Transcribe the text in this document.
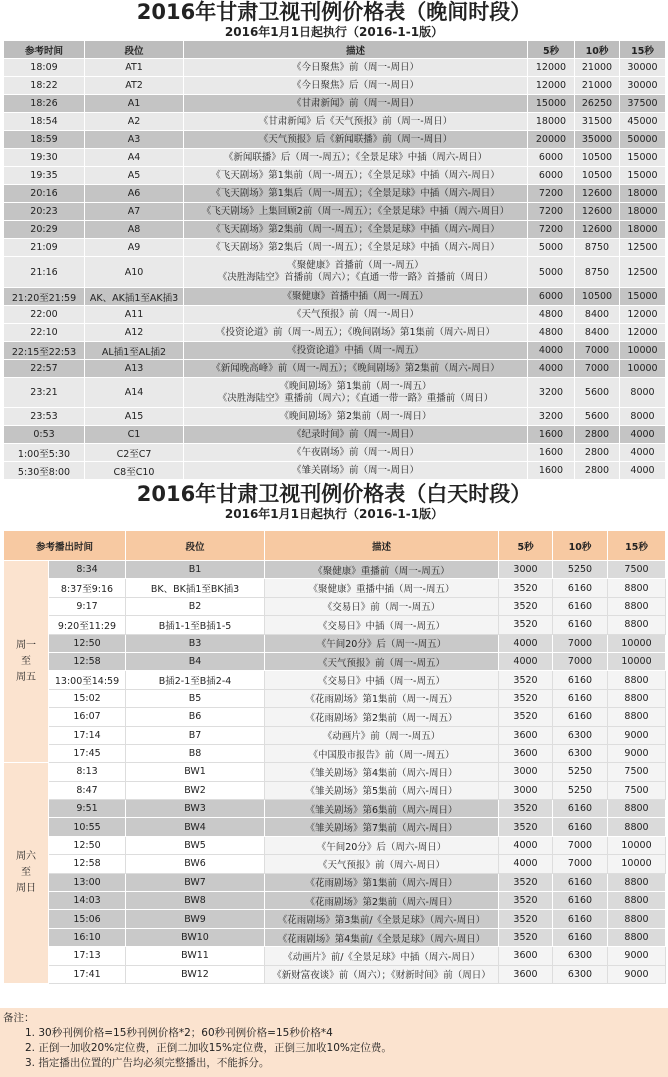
2016年甘肃卫视刊例价格表（晚间时段）

2016年1月1日起执行（2016-1-1版）

参考时间	段位	描述	5秒	10秒	15秒
18:09	AT1	《今日聚焦》前（周一-周日）	12000	21000	30000
18:22	AT2	《今日聚焦》后（周一-周日）	12000	21000	30000
18:26	A1	《甘肃新闻》前（周一-周日）	15000	26250	37500
18:54	A2	《甘肃新闻》后《天气预报》前（周一-周日）	18000	31500	45000
18:59	A3	《天气预报》后《新闻联播》前（周一-周日）	20000	35000	50000
19:30	A4	《新闻联播》后（周一-周五）；《全景足球》中插（周六-周日）	6000	10500	15000
19:35	A5	《飞天剧场》第1集前（周一-周五）；《全景足球》中插（周六-周日）	6000	10500	15000
20:16	A6	《飞天剧场》第1集后（周一-周五）；《全景足球》中插（周六-周日）	7200	12600	18000
20:23	A7	《飞天剧场》上集回顾2前（周一-周五）；《全景足球》中插（周六-周日）	7200	12600	18000
20:29	A8	《飞天剧场》第2集前（周一-周五）；《全景足球》中插（周六-周日）	7200	12600	18000
21:09	A9	《飞天剧场》第2集后（周一-周五）；《全景足球》中插（周六-周日）	5000	8750	12500
21:16	A10	《聚健康》首播前（周一-周五）
《决胜海陆空》首播前（周六）；《直通一带一路》首播前（周日）	5000	8750	12500
21:20至21:59	AK、AK插1至AK插3	《聚健康》首播中插（周一-周五）	6000	10500	15000
22:00	A11	《天气预报》前（周一-周日）	4800	8400	12000
22:10	A12	《投资论道》前（周一-周五）；《晚间剧场》第1集前（周六-周日）	4800	8400	12000
22:15至22:53	AL插1至AL插2	《投资论道》中插（周一-周五）	4000	7000	10000
22:57	A13	《新闻晚高峰》前（周一-周五）；《晚间剧场》第2集前（周六-周日）	4000	7000	10000
23:21	A14	《晚间剧场》第1集前（周一-周五）
《决胜海陆空》重播前（周六）；《直通一带一路》重播前（周日）	3200	5600	8000
23:53	A15	《晚间剧场》第2集前（周一-周日）	3200	5600	8000
0:53	C1	《纪录时间》前（周一-周日）	1600	2800	4000
1:00至5:30	C2至C7	《午夜剧场》前（周一-周日）	1600	2800	4000
5:30至8:00	C8至C10	《雏关剧场》前（周一-周日）	1600	2800	4000
2016年甘肃卫视刊例价格表（白天时段）

2016年1月1日起执行（2016-1-1版）

参考播出时间		段位	描述	5秒	10秒	15秒

周一
至
周五	8:34	B1	《聚健康》重播前（周一-周五）	3000	5250	7500
	8:37至9:16	BK、BK插1至BK插3	《聚健康》重播中插（周一-周五）	3520	6160	8800
	9:17	B2	《交易日》前（周一-周五）	3520	6160	8800
	9:20至11:29	B插1-1至B插1-5	《交易日》中插（周一-周五）	3520	6160	8800
	12:50	B3	《午间20分》后（周一-周五）	4000	7000	10000
	12:58	B4	《天气预报》前（周一-周五）	4000	7000	10000
	13:00至14:59	B插2-1至B插2-4	《交易日》中插（周一-周五）	3520	6160	8800
	15:02	B5	《花雨剧场》第1集前（周一-周五）	3520	6160	8800
	16:07	B6	《花雨剧场》第2集前（周一-周五）	3520	6160	8800
	17:14	B7	《动画片》前（周一-周五）	3600	6300	9000
	17:45	B8	《中国股市报告》前（周一-周五）	3600	6300	9000

周六
至
周日	8:13	BW1	《雏关剧场》第4集前（周六-周日）	3000	5250	7500
	8:47	BW2	《雏关剧场》第5集前（周六-周日）	3000	5250	7500
	9:51	BW3	《雏关剧场》第6集前（周六-周日）	3520	6160	8800
	10:55	BW4	《雏关剧场》第7集前（周六-周日）	3520	6160	8800
	12:50	BW5	《午间20分》后（周六-周日）	4000	7000	10000
	12:58	BW6	《天气预报》前（周六-周日）	4000	7000	10000
	13:00	BW7	《花雨剧场》第1集前（周六-周日）	3520	6160	8800
	14:03	BW8	《花雨剧场》第2集前（周六-周日）	3520	6160	8800
	15:06	BW9	《花雨剧场》第3集前/《全景足球》（周六-周日）	3520	6160	8800
	16:10	BW10	《花雨剧场》第4集前/《全景足球》（周六-周日）	3520	6160	8800
	17:13	BW11	《动画片》前/《全景足球》中插（周六-周日）	3600	6300	9000
	17:41	BW12	《新财富夜谈》前（周六）；《财新时间》前（周日）	3600	6300	9000
备注：
1. 30秒刊例价格=15秒刊例价格*2；60秒刊例价格=15秒价格*4
2. 正倒一加收20%定位费，正倒二加收15%定位费，正倒三加收10%定位费。
3. 指定播出位置的广告均必须完整播出，不能拆分。
